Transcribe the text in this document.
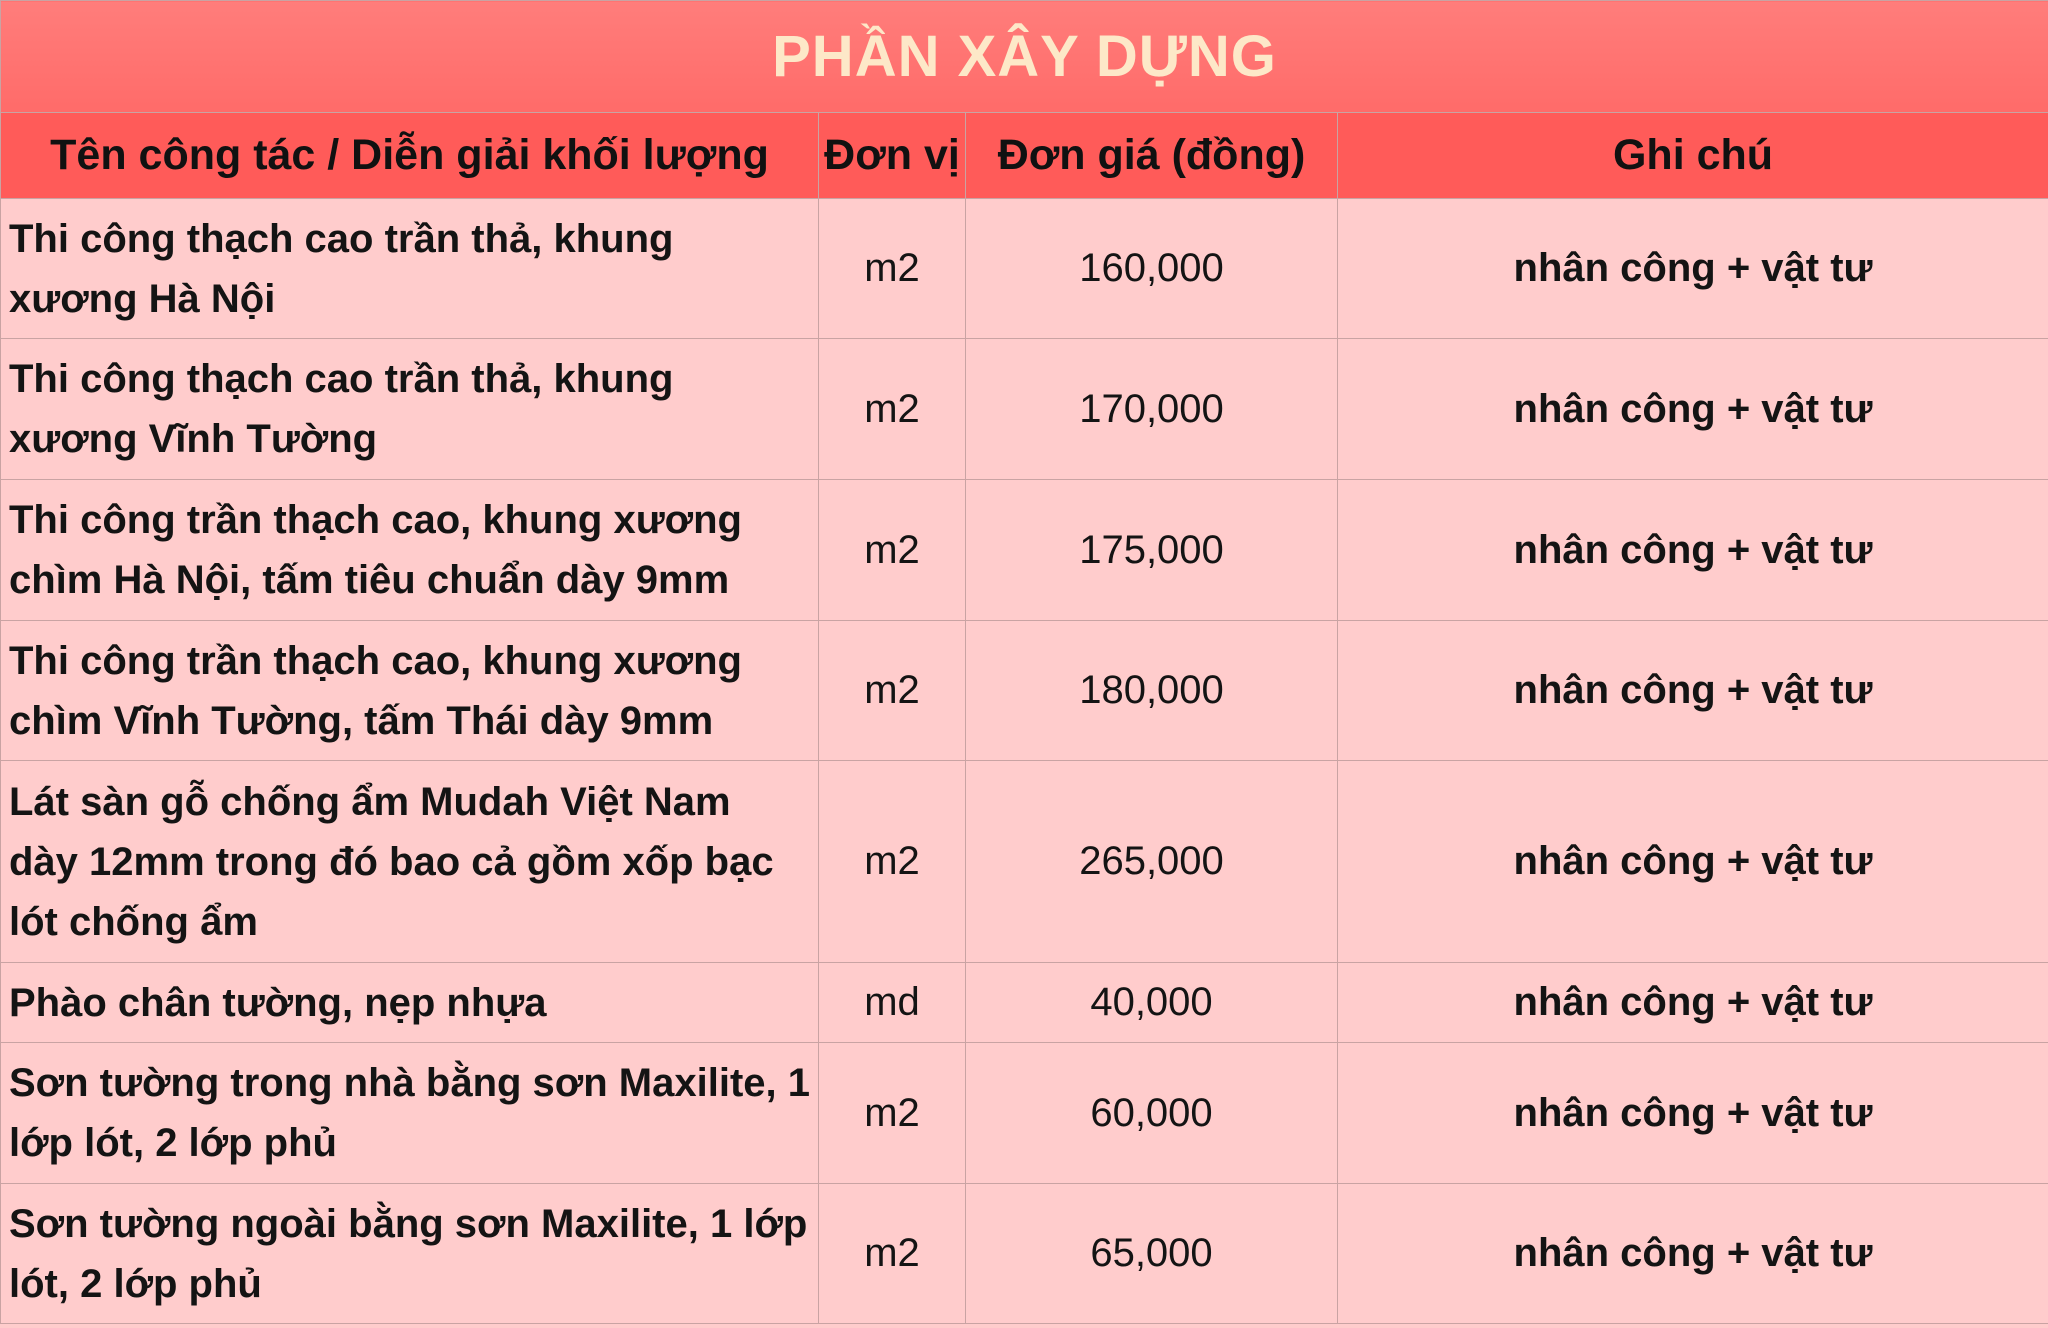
PHẦN XÂY DỰNG			
Tên công tác / Diễn giải khối lượng	Đơn vị	Đơn giá (đồng)	Ghi chú

Thi công thạch cao trần thả, khung
xương Hà Nội	m2	160,000	nhân công + vật tư

Thi công thạch cao trần thả, khung
xương Vĩnh Tường	m2	170,000	nhân công + vật tư

Thi công trần thạch cao, khung xương
chìm Hà Nội, tấm tiêu chuẩn dày 9mm	m2	175,000	nhân công + vật tư

Thi công trần thạch cao, khung xương
chìm Vĩnh Tường, tấm Thái dày 9mm	m2	180,000	nhân công + vật tư

Lát sàn gỗ chống ẩm Mudah Việt Nam
dày 12mm trong đó bao cả gồm xốp bạc
lót chống ẩm	m2	265,000	nhân công + vật tư

Phào chân tường, nẹp nhựa	md	40,000	nhân công + vật tư

Sơn tường trong nhà bằng sơn Maxilite, 1
lớp lót, 2 lớp phủ	m2	60,000	nhân công + vật tư

Sơn tường ngoài bằng sơn Maxilite, 1 lớp
lót, 2 lớp phủ	m2	65,000	nhân công + vật tư
